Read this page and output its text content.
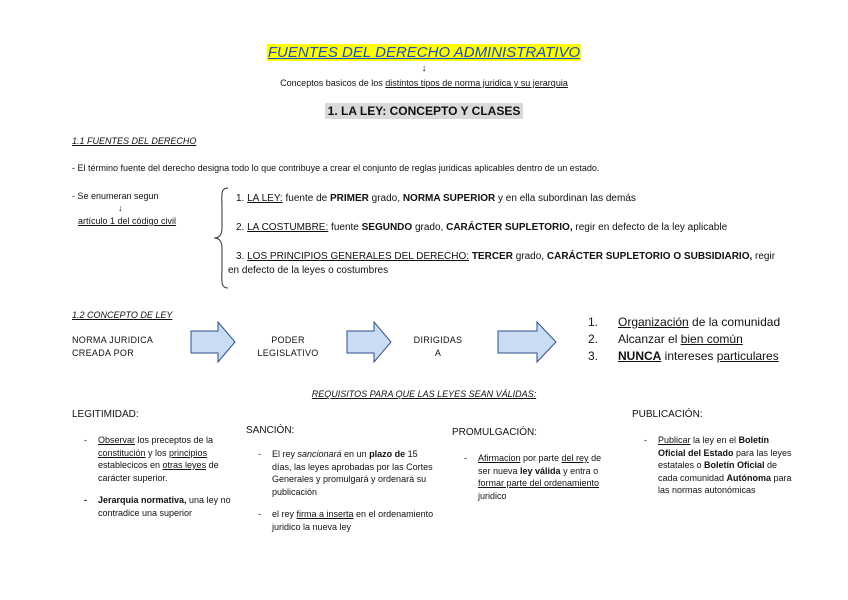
FUENTES DEL DERECHO ADMINISTRATIVO
↓
Conceptos basicos de los distintos tipos de norma juridica y su jerarquia
1. LA LEY: CONCEPTO Y CLASES
1.1 FUENTES DEL DERECHO
- El término fuente del derecho designa todo lo que contribuye a crear el conjunto de reglas juridicas aplicables dentro de un estado.
- Se enumeran segun
↓
artículo 1 del código civil
1. LA LEY: fuente de PRIMER grado, NORMA SUPERIOR y en ella subordinan las demás
2. LA COSTUMBRE: fuente SEGUNDO grado, CARÁCTER SUPLETORIO, regir en defecto de la ley aplicable
3. LOS PRINCIPIOS GENERALES DEL DERECHO: TERCER grado, CARÁCTER SUPLETORIO O SUBSIDIARIO, regir en defecto de la leyes o costumbres
1.2 CONCEPTO DE LEY
NORMA JURIDICA
CREADA POR
PODER
LEGISLATIVO
DIRIGIDAS
A
1. Organización de la comunidad
2. Alcanzar el bien común
3. NUNCA intereses particulares
REQUISITOS PARA QUE LAS LEYES SEAN VÁLIDAS:
LEGITIMIDAD:
- Observar los preceptos de la constitución y los principios establecicos en otras leyes de carácter superior.
- Jerarquia normativa, una ley no contradice una superior
SANCIÓN:
- El rey sancionará en un plazo de 15 días, las leyes aprobadas por las Cortes Generales y promulgará y ordenará su publicación
- el rey firma a inserta en el ordenamiento juridico la nueva ley
PROMULGACIÓN:
- Afirmacion por parte del rey de ser nueva ley válida y entra o formar parte del ordenamiento juridico
PUBLICACIÓN:
- Publicar la ley en el Boletín Oficial del Estado para las leyes estatales o Boletín Oficial de cada comunidad Autónoma para las normas autonómicas
